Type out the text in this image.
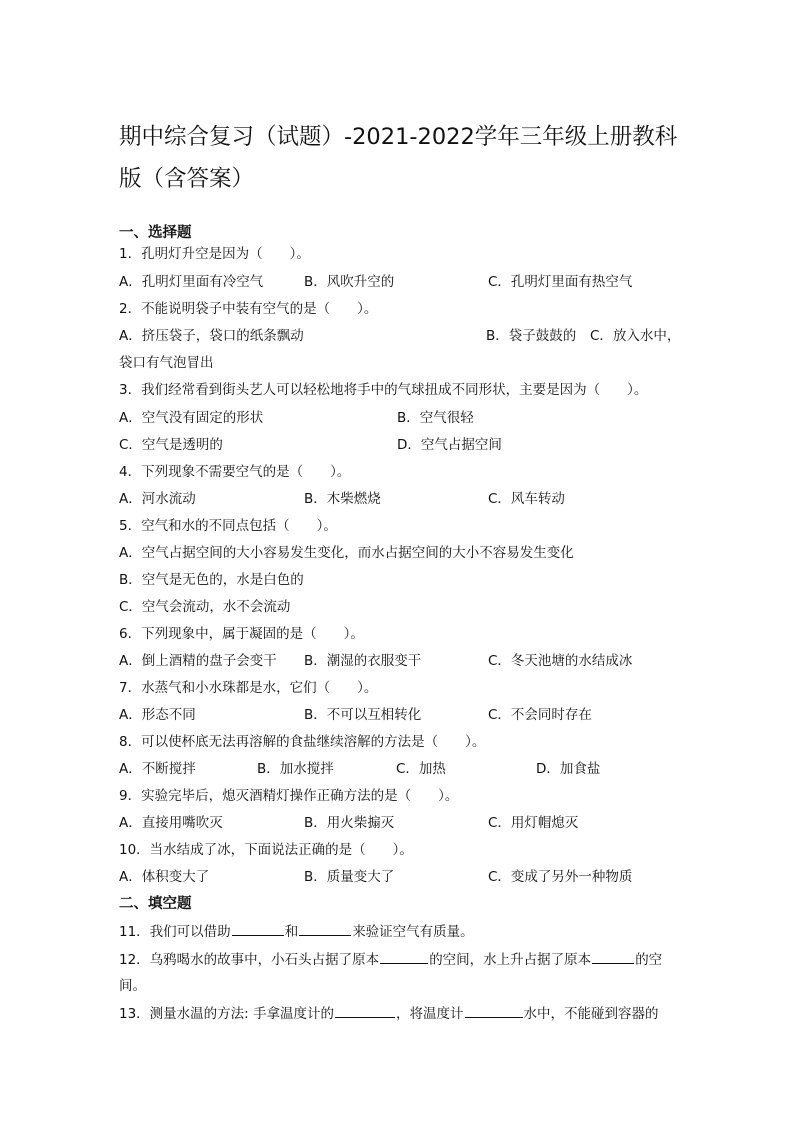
期中综合复习（试题）-2021-2022学年三年级上册教科版（含答案）
一、选择题
1．孔明灯升空是因为（　　）。
A．孔明灯里面有冷空气	B．风吹升空的	C．孔明灯里面有热空气
2．不能说明袋子中装有空气的是（　　）。
A．挤压袋子，袋口的纸条飘动	B．袋子鼓鼓的 C．放入水中，
袋口有气泡冒出
3．我们经常看到街头艺人可以轻松地将手中的气球扭成不同形状，主要是因为（　　）。
A．空气没有固定的形状	B．空气很轻
C．空气是透明的	D．空气占据空间
4．下列现象不需要空气的是（　　）。
A．河水流动	B．木柴燃烧	C．风车转动
5．空气和水的不同点包括（　　）。
A．空气占据空间的大小容易发生变化，而水占据空间的大小不容易发生变化
B．空气是无色的，水是白色的
C．空气会流动，水不会流动
6．下列现象中，属于凝固的是（　　）。
A．倒上酒精的盘子会变干 B．潮湿的衣服变干	C．冬天池塘的水结成冰
7．水蒸气和小水珠都是水，它们（　　）。
A．形态不同	B．不可以互相转化	C．不会同时存在
8．可以使杯底无法再溶解的食盐继续溶解的方法是（　　）。
A．不断搅拌	B．加水搅拌	C．加热	D．加食盐
9．实验完毕后，熄灭酒精灯操作正确方法的是（　　）。
A．直接用嘴吹灭	B．用火柴搧灭	C．用灯帽熄灭
10．当水结成了冰，下面说法正确的是（　　）。
A．体积变大了	B．质量变大了	C．变成了另外一种物质
二、填空题
11．我们可以借助	和	来验证空气有质量。
12．乌鸦喝水的故事中，小石头占据了原本	的空间，水上升占据了原本	的空
间。
13．测量水温的方法: 手拿温度计的	，将温度计	水中，不能碰到容器的
